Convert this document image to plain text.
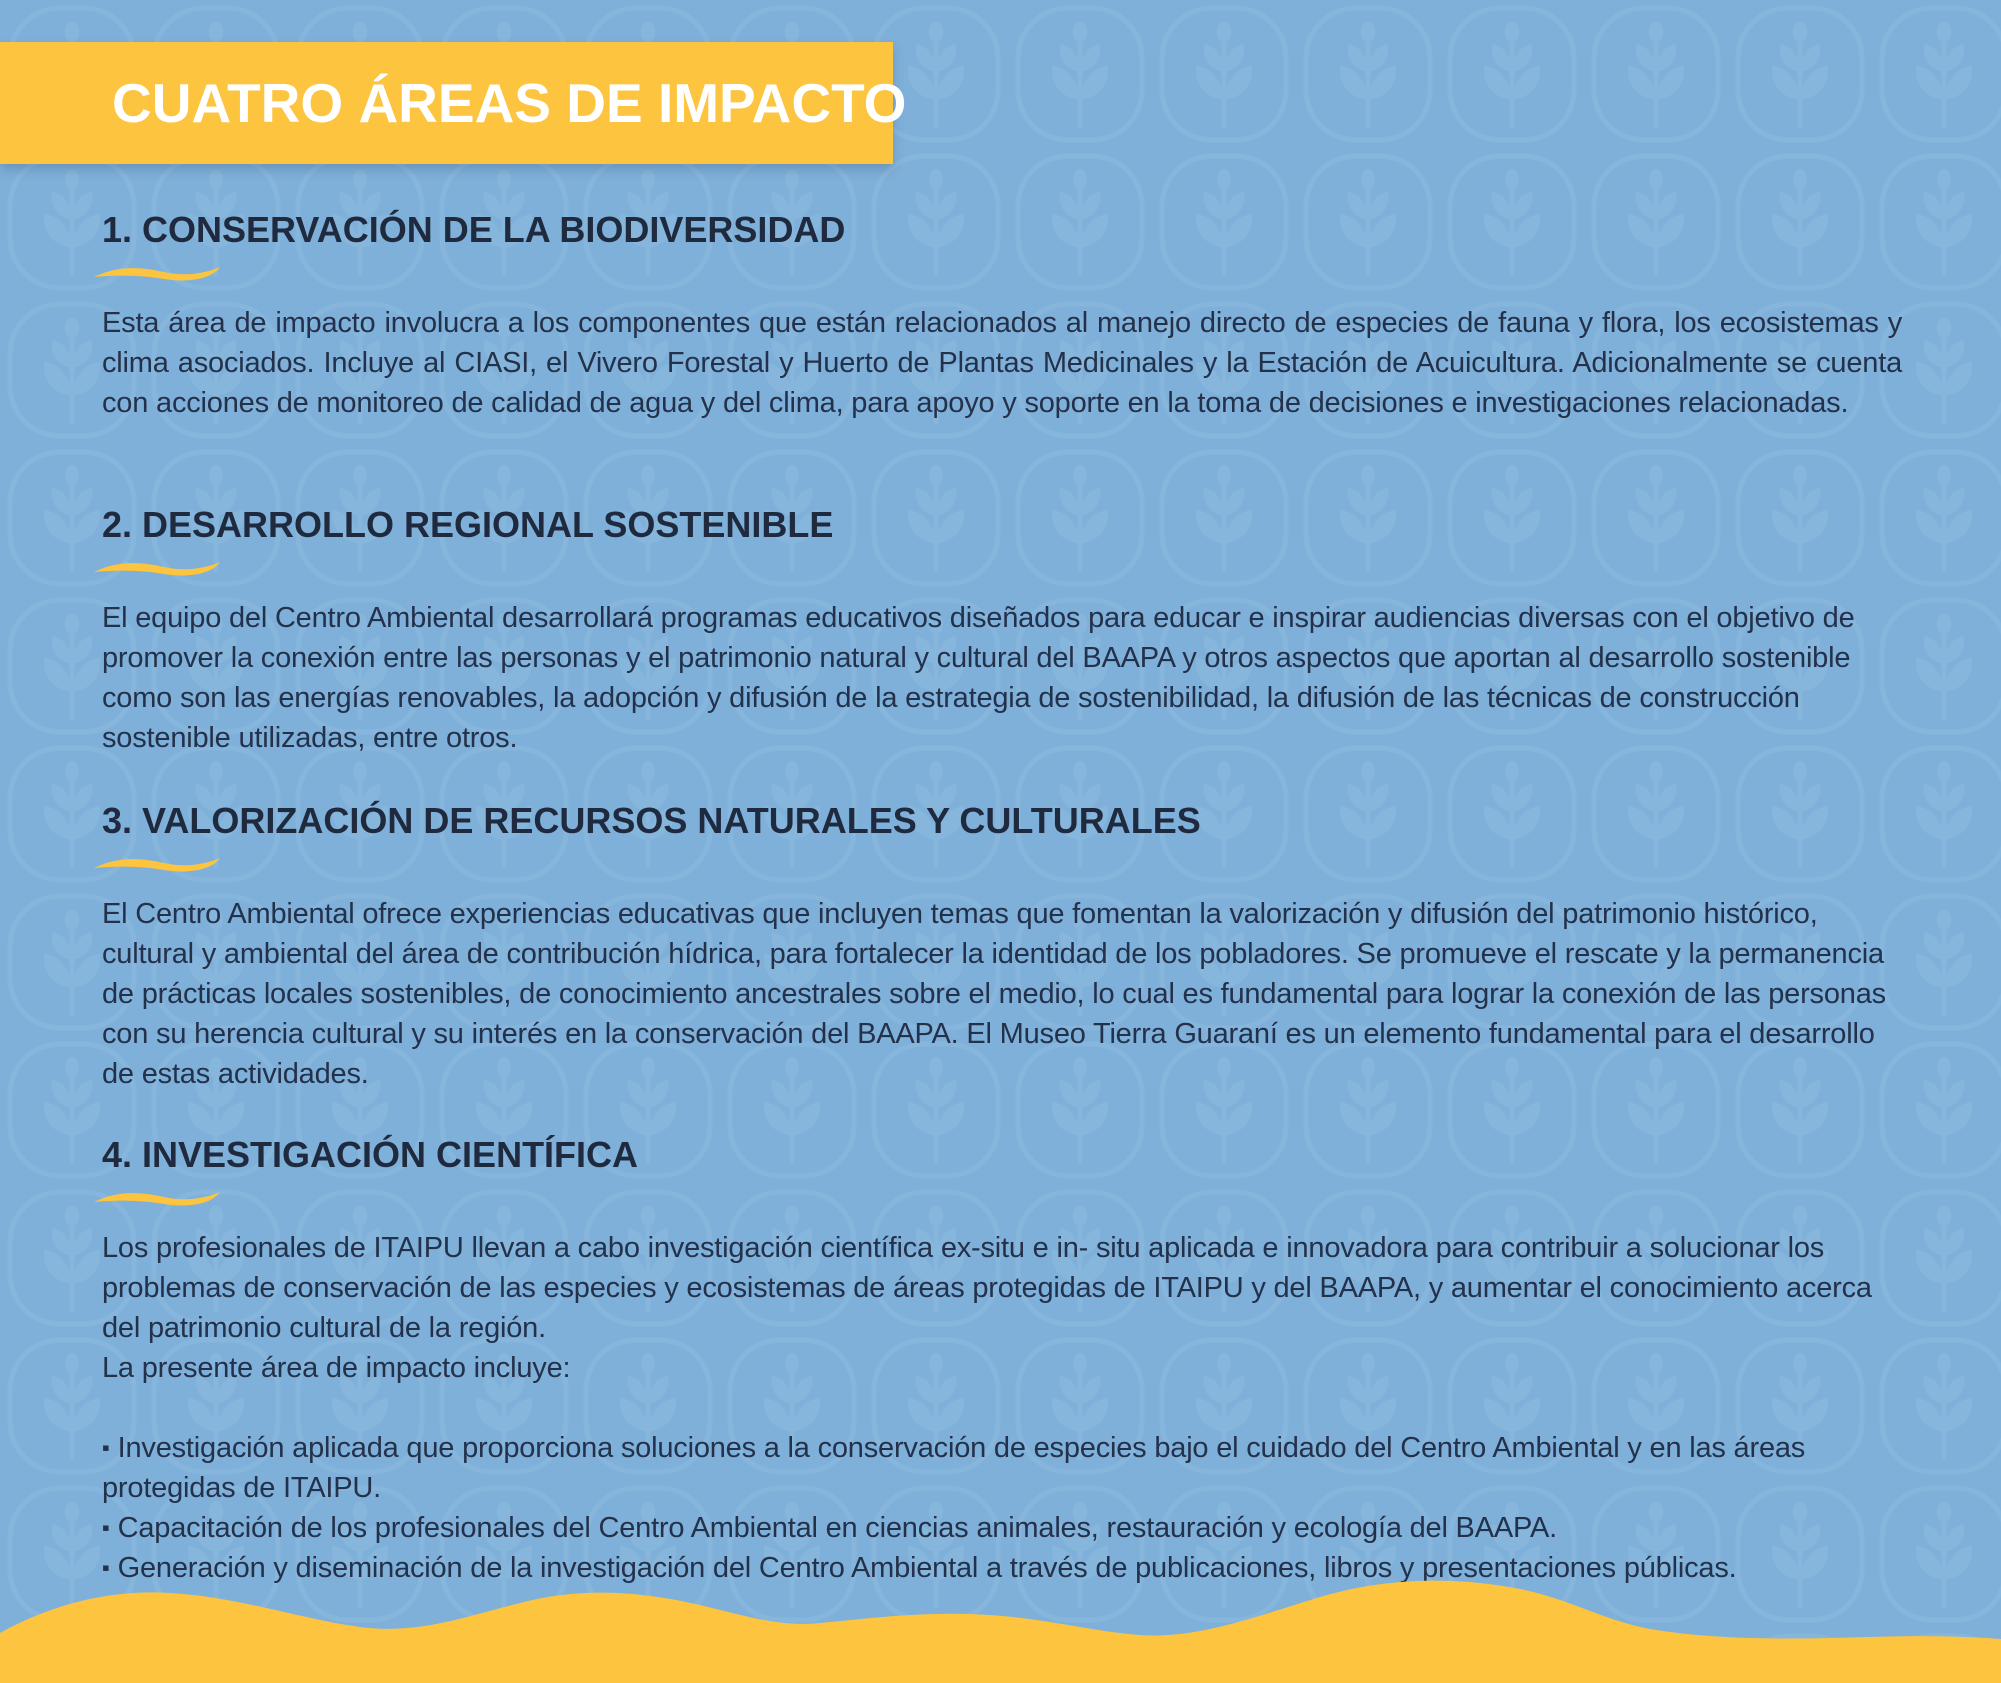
CUATRO ÁREAS DE IMPACTO
1. CONSERVACIÓN DE LA BIODIVERSIDAD

Esta área de impacto involucra a los componentes que están relacionados al manejo directo de especies de fauna y flora, los ecosistemas y clima asociados. Incluye al CIASI, el Vivero Forestal y Huerto de Plantas Medicinales y la Estación de Acuicultura. Adicionalmente se cuenta con acciones de monitoreo de calidad de agua y del clima, para apoyo y soporte en la toma de decisiones e investigaciones relacionadas.

2. DESARROLLO REGIONAL SOSTENIBLE

El equipo del Centro Ambiental desarrollará programas educativos diseñados para educar e inspirar audiencias diversas con el objetivo de promover la conexión entre las personas y el patrimonio natural y cultural del BAAPA y otros aspectos que aportan al desarrollo sostenible como son las energías renovables, la adopción y difusión de la estrategia de sostenibilidad, la difusión de las técnicas de construcción sostenible utilizadas, entre otros.

3. VALORIZACIÓN DE RECURSOS NATURALES Y CULTURALES

El Centro Ambiental ofrece experiencias educativas que incluyen temas que fomentan la valorización y difusión del patrimonio histórico, cultural y ambiental del área de contribución hídrica, para fortalecer la identidad de los pobladores. Se promueve el rescate y la permanencia de prácticas locales sostenibles, de conocimiento ancestrales sobre el medio, lo cual es fundamental para lograr la conexión de las personas con su herencia cultural y su interés en la conservación del BAAPA. El Museo Tierra Guaraní es un elemento fundamental para el desarrollo de estas actividades.

4. INVESTIGACIÓN CIENTÍFICA

Los profesionales de ITAIPU llevan a cabo investigación científica ex-situ e in- situ aplicada e innovadora para contribuir a solucionar los problemas de conservación de las especies y ecosistemas de áreas protegidas de ITAIPU y del BAAPA, y aumentar el conocimiento acerca del patrimonio cultural de la región.

La presente área de impacto incluye:

▪ Investigación aplicada que proporciona soluciones a la conservación de especies bajo el cuidado del Centro Ambiental y en las áreas protegidas de ITAIPU.
▪ Capacitación de los profesionales del Centro Ambiental en ciencias animales, restauración y ecología del BAAPA.
▪ Generación y diseminación de la investigación del Centro Ambiental a través de publicaciones, libros y presentaciones públicas.
